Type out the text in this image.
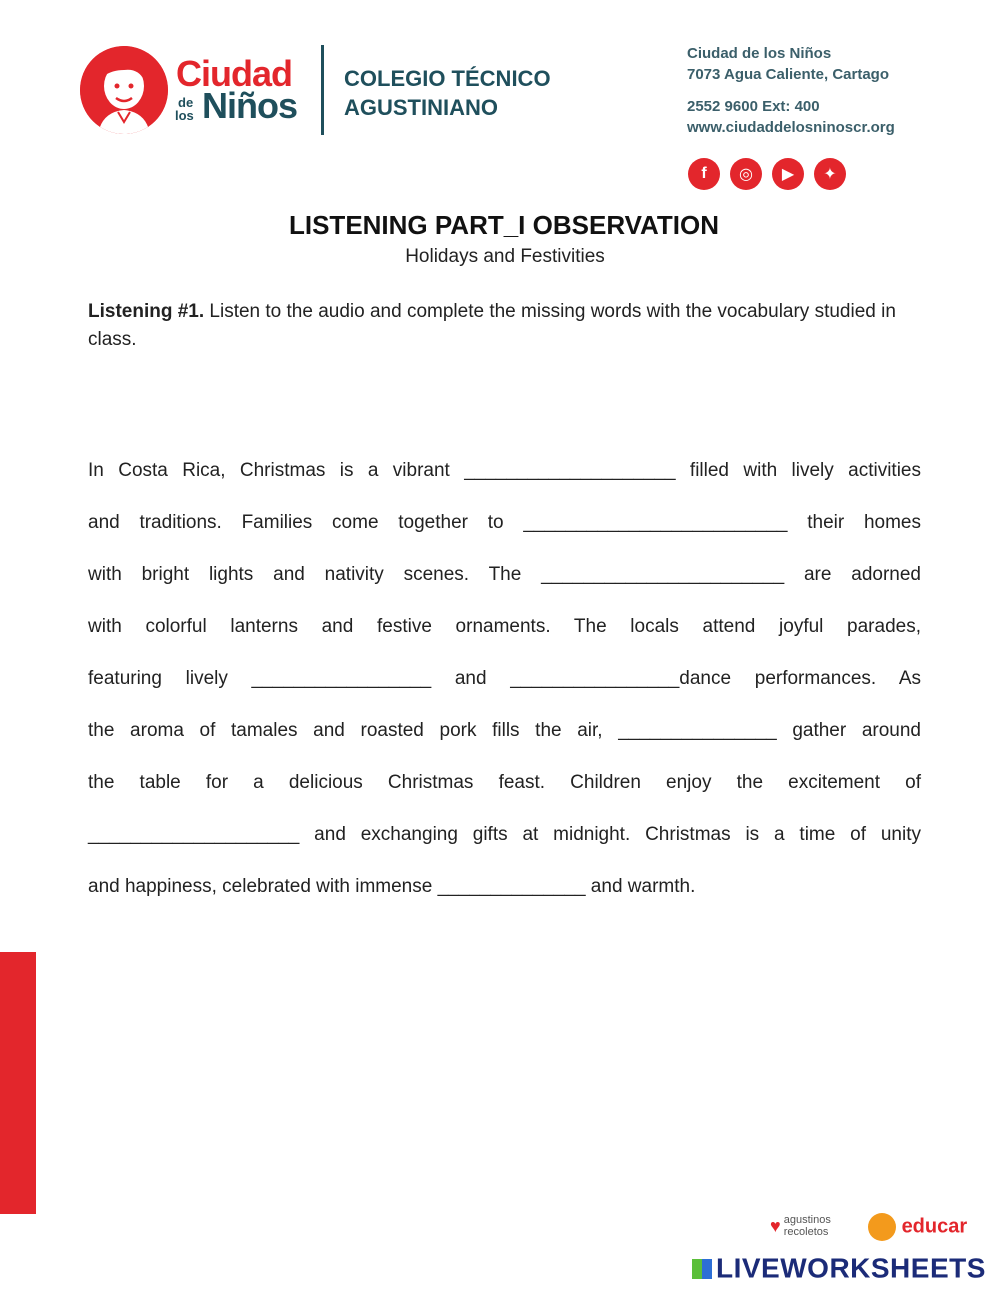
Ciudad
de
los Niños
COLEGIO TÉCNICO
AGUSTINIANO
Ciudad de los Niños
7073 Agua Caliente, Cartago
2552 9600 Ext: 400
www.ciudaddelosninoscr.org
f	◎	▶	✦
LISTENING PART_I OBSERVATION
Holidays and Festivities
Listening #1. Listen to the audio and complete the missing words with the vocabulary studied in class.
In Costa Rica, Christmas is a vibrant ____________________ filled with lively activities
and traditions. Families come together to _________________________ their homes
with bright lights and nativity scenes. The _______________________ are adorned
with colorful lanterns and festive ornaments. The locals attend joyful parades,
featuring lively _________________ and ________________dance performances. As
the aroma of tamales and roasted pork fills the air, _______________ gather around
the table for a delicious Christmas feast. Children enjoy the excitement of
____________________ and exchanging gifts at midnight. Christmas is a time of unity
and happiness, celebrated with immense ______________ and warmth.
♥ agustinos
recoletos	educar
LIVEWORKSHEETS
